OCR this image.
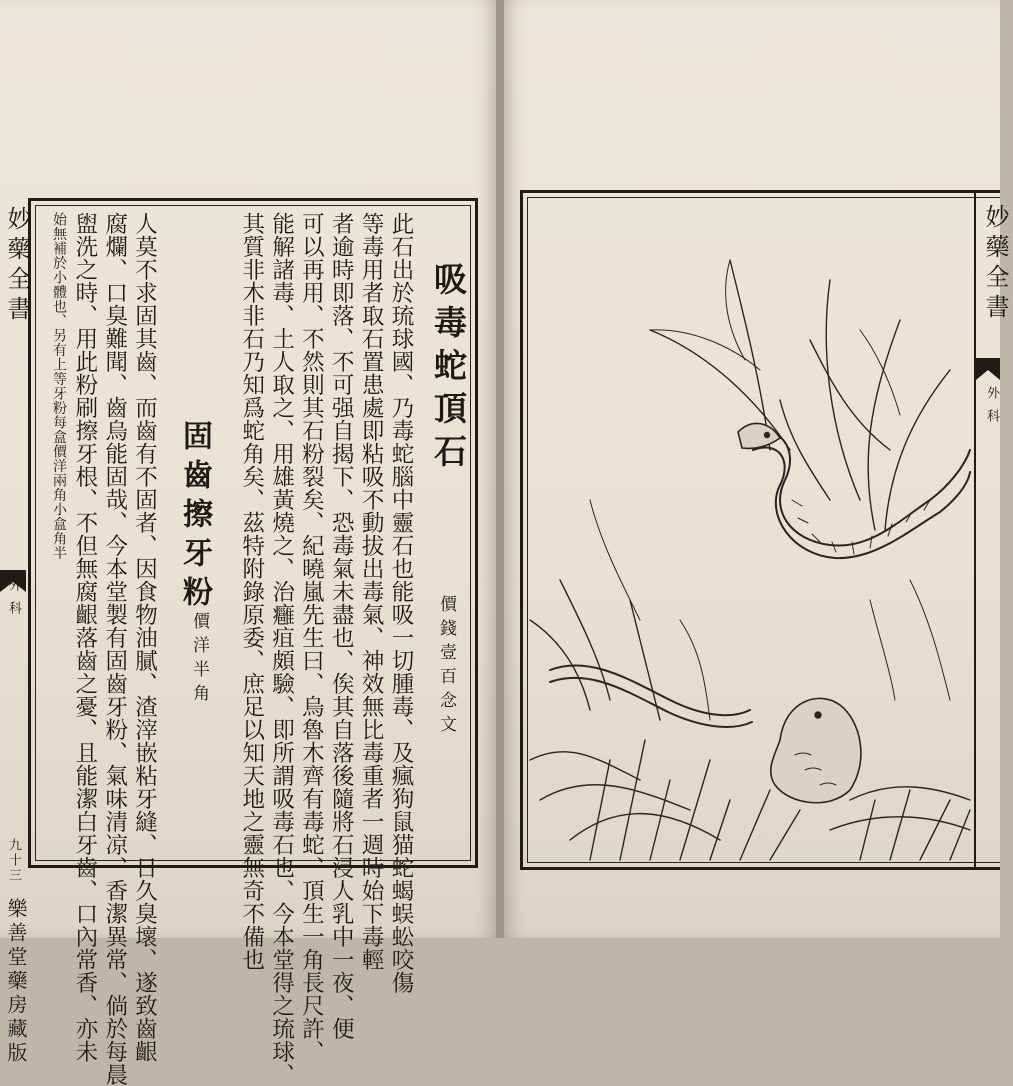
妙藥全書
外科
九十三
樂善堂藥房藏版
吸毒蛇頂石
價錢壹百念文
固齒擦牙粉
價洋半角	此石出於琉球國、乃毒蛇腦中靈石也能吸一切腫毒、及瘋狗鼠猫蛇蝎蜈蚣咬傷
等毒用者取石置患處即粘吸不動拔出毒氣、神效無比毒重者一週時始下毒輕
者逾時即落、不可强自揭下、恐毒氣未盡也、俟其自落後隨將石浸人乳中一夜、便
可以再用、不然則其石粉裂矣、紀曉嵐先生曰、烏魯木齊有毒蛇、頂生一角長尺許、
能解諸毒、土人取之、用雄黃燒之、治癰疽頗驗、即所謂吸毒石也、今本堂得之琉球、
其質非木非石乃知爲蛇角矣、茲特附錄原委、庶足以知天地之靈無奇不備也
人莫不求固其齒、而齒有不固者、因食物油膩、渣滓嵌粘牙縫、日久臭壞、遂致齒齦
腐爛、口臭難聞、齒烏能固哉、今本堂製有固齒牙粉、氣味清凉、香潔異常、倘於每晨
盥洗之時、用此粉刷擦牙根、不但無腐齦落齒之憂、且能潔白牙齒、口內常香、亦未
始無補於小體也、另有上等牙粉每盒價洋兩角小盒角半	妙藥全書
外科
